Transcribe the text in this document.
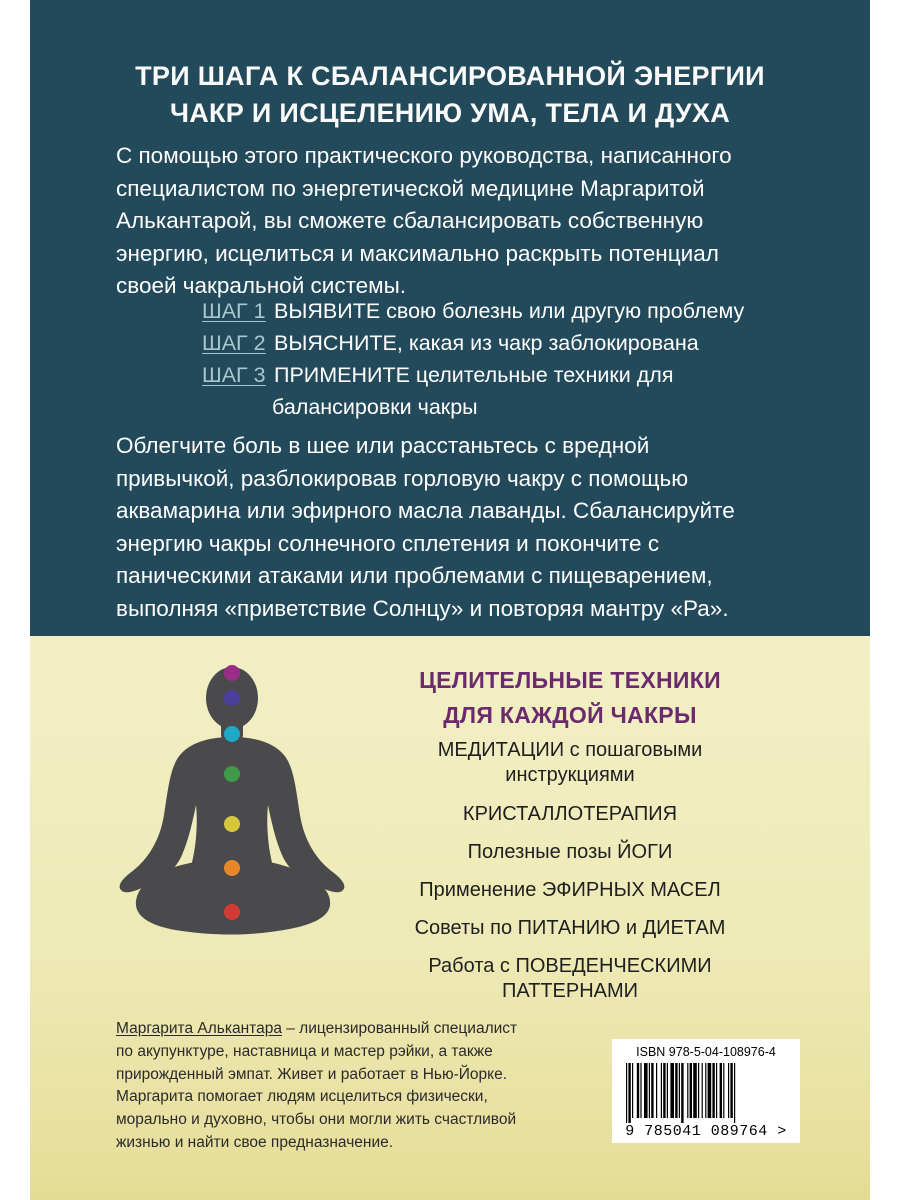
ТРИ ШАГА К СБАЛАНСИРОВАННОЙ ЭНЕРГИИ
ЧАКР И ИСЦЕЛЕНИЮ УМА, ТЕЛА И ДУХА
С помощью этого практического руководства, написанного
специалистом по энергетической медицине Маргаритой
Алькантарой, вы сможете сбалансировать собственную
энергию, исцелиться и максимально раскрыть потенциал
своей чакральной системы.
ШАГ 1 ВЫЯВИТЕ свою болезнь или другую проблему
ШАГ 2 ВЫЯСНИТЕ, какая из чакр заблокирована
ШАГ 3 ПРИМЕНИТЕ целительные техники для
балансировки чакры
Облегчите боль в шее или расстаньтесь с вредной
привычкой, разблокировав горловую чакру с помощью
аквамарина или эфирного масла лаванды. Сбалансируйте
энергию чакры солнечного сплетения и покончите с
паническими атаками или проблемами с пищеварением,
выполняя «приветствие Солнцу» и повторяя мантру «Ра».
ЦЕЛИТЕЛЬНЫЕ ТЕХНИКИ
ДЛЯ КАЖДОЙ ЧАКРЫ
МЕДИТАЦИИ с пошаговыми
инструкциями
КРИСТАЛЛОТЕРАПИЯ
Полезные позы ЙОГИ
Применение ЭФИРНЫХ МАСЕЛ
Советы по ПИТАНИЮ и ДИЕТАМ
Работа с ПОВЕДЕНЧЕСКИМИ
ПАТТЕРНАМИ
Маргарита Алькантара – лицензированный специалист
по акупунктуре, наставница и мастер рэйки, а также
прирожденный эмпат. Живет и работает в Нью-Йорке.
Маргарита помогает людям исцелиться физически,
морально и духовно, чтобы они могли жить счастливой
жизнью и найти свое предназначение.
ISBN 978-5-04-108976-4
9 785041 089764 >
